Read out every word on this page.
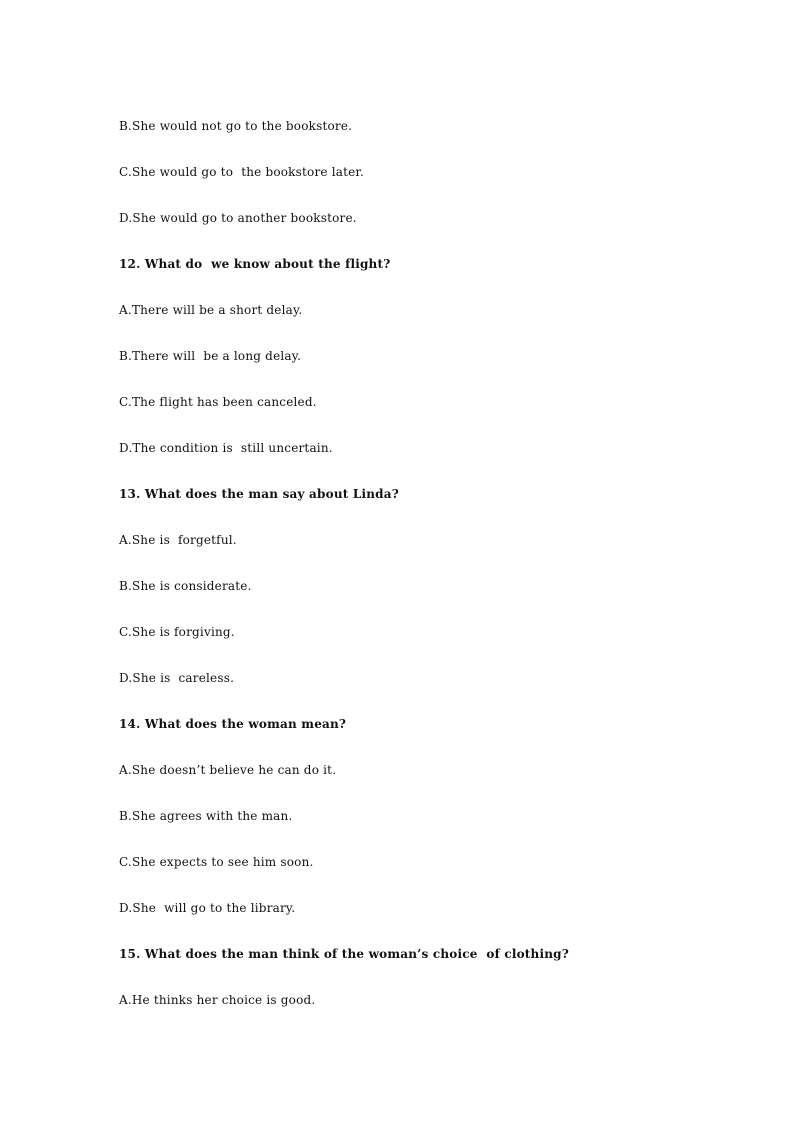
B.She would not go to the bookstore.
C.She would go to  the bookstore later.
D.She would go to another bookstore.
12. What do  we know about the flight?
A.There will be a short delay.
B.There will  be a long delay.
C.The flight has been canceled.
D.The condition is  still uncertain.
13. What does the man say about Linda?
A.She is  forgetful.
B.She is considerate.
C.She is forgiving.
D.She is  careless.
14. What does the woman mean?
A.She doesn’t believe he can do it.
B.She agrees with the man.
C.She expects to see him soon.
D.She  will go to the library.
15. What does the man think of the woman’s choice  of clothing?
A.He thinks her choice is good.
